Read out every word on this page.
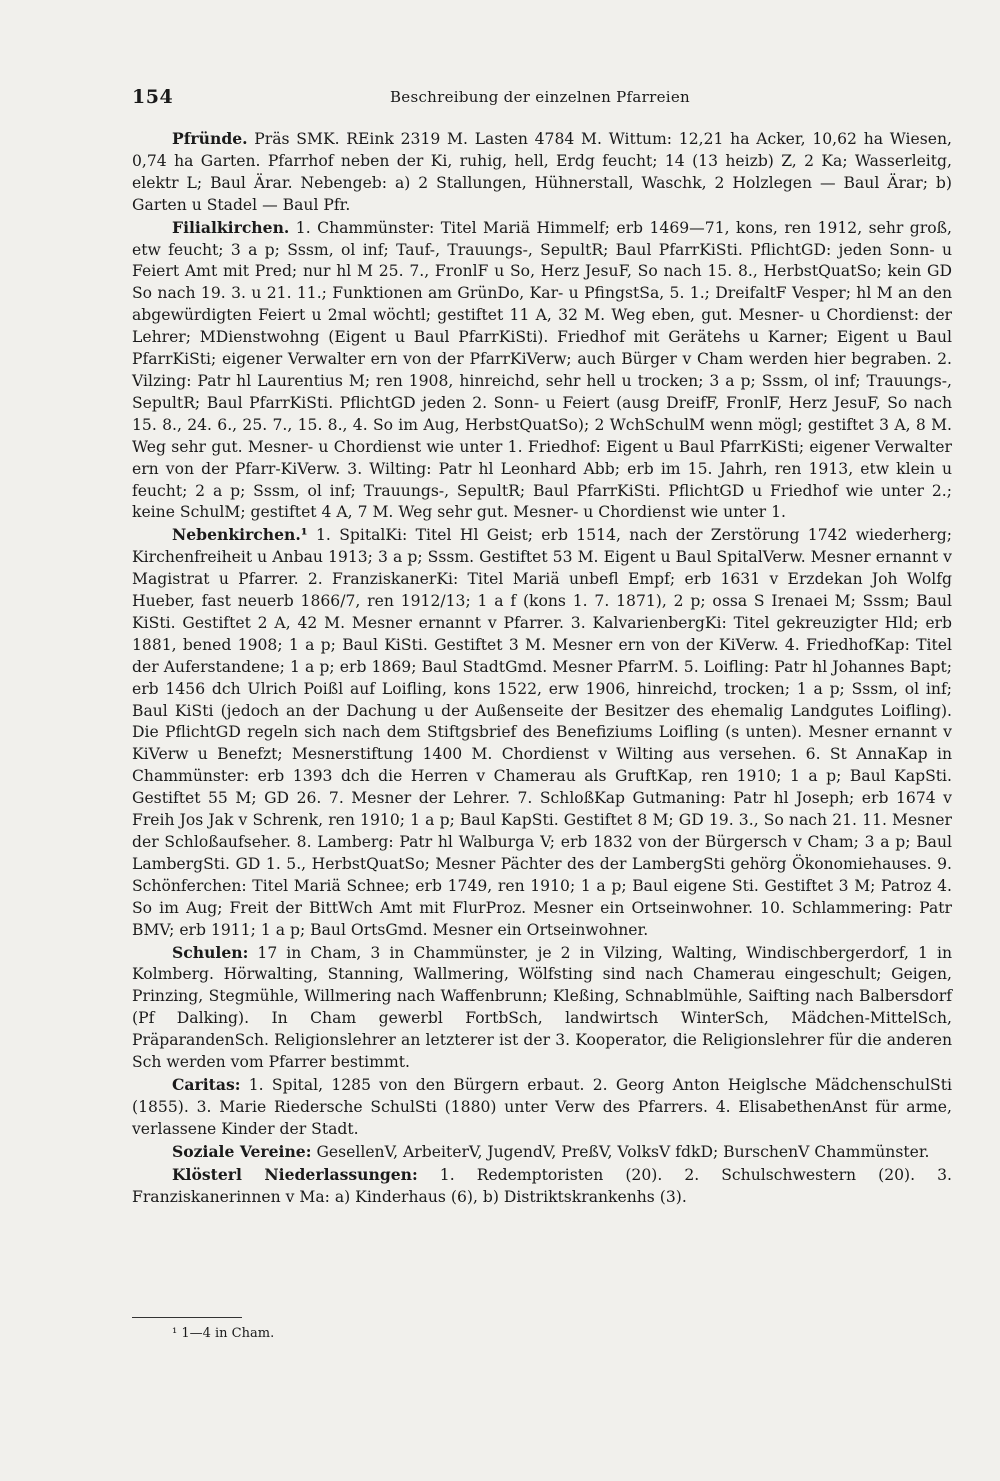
154	Beschreibung der einzelnen Pfarreien

Pfründe. Präs SMK. REink 2319 M. Lasten 4784 M. Wittum: 12,21 ha Acker, 10,62 ha Wiesen, 0,74 ha Garten. Pfarrhof neben der Ki, ruhig, hell, Erdg feucht; 14 (13 heizb) Z, 2 Ka; Wasserleitg, elektr L; Baul Ärar. Nebengeb: a) 2 Stallungen, Hühnerstall, Waschk, 2 Holzlegen — Baul Ärar; b) Garten u Stadel — Baul Pfr.

Filialkirchen. 1. Chammünster: Titel Mariä Himmelf; erb 1469—71, kons, ren 1912, sehr groß, etw feucht; 3 a p; Sssm, ol inf; Tauf-, Trauungs-, SepultR; Baul PfarrKiSti. PflichtGD: jeden Sonn- u Feiert Amt mit Pred; nur hl M 25. 7., FronlF u So, Herz JesuF, So nach 15. 8., HerbstQuatSo; kein GD So nach 19. 3. u 21. 11.; Funktionen am GrünDo, Kar- u PfingstSa, 5. 1.; DreifaltF Vesper; hl M an den abgewürdigten Feiert u 2mal wöchtl; gestiftet 11 A, 32 M. Weg eben, gut. Mesner- u Chordienst: der Lehrer; MDienstwohng (Eigent u Baul PfarrKiSti). Friedhof mit Gerätehs u Karner; Eigent u Baul PfarrKiSti; eigener Verwalter ern von der PfarrKiVerw; auch Bürger v Cham werden hier begraben. 2. Vilzing: Patr hl Laurentius M; ren 1908, hinreichd, sehr hell u trocken; 3 a p; Sssm, ol inf; Trauungs-, SepultR; Baul PfarrKiSti. PflichtGD jeden 2. Sonn- u Feiert (ausg DreifF, FronlF, Herz JesuF, So nach 15. 8., 24. 6., 25. 7., 15. 8., 4. So im Aug, HerbstQuatSo); 2 WchSchulM wenn mögl; gestiftet 3 A, 8 M. Weg sehr gut. Mesner- u Chordienst wie unter 1. Friedhof: Eigent u Baul PfarrKiSti; eigener Verwalter ern von der Pfarr-KiVerw. 3. Wilting: Patr hl Leonhard Abb; erb im 15. Jahrh, ren 1913, etw klein u feucht; 2 a p; Sssm, ol inf; Trauungs-, SepultR; Baul PfarrKiSti. PflichtGD u Friedhof wie unter 2.; keine SchulM; gestiftet 4 A, 7 M. Weg sehr gut. Mesner- u Chordienst wie unter 1.

Nebenkirchen.¹ 1. SpitalKi: Titel Hl Geist; erb 1514, nach der Zerstörung 1742 wiederherg; Kirchenfreiheit u Anbau 1913; 3 a p; Sssm. Gestiftet 53 M. Eigent u Baul SpitalVerw. Mesner ernannt v Magistrat u Pfarrer. 2. FranziskanerKi: Titel Mariä unbefl Empf; erb 1631 v Erzdekan Joh Wolfg Hueber, fast neuerb 1866/7, ren 1912/13; 1 a f (kons 1. 7. 1871), 2 p; ossa S Irenaei M; Sssm; Baul KiSti. Gestiftet 2 A, 42 M. Mesner ernannt v Pfarrer. 3. KalvarienbergKi: Titel gekreuzigter Hld; erb 1881, bened 1908; 1 a p; Baul KiSti. Gestiftet 3 M. Mesner ern von der KiVerw. 4. FriedhofKap: Titel der Auferstandene; 1 a p; erb 1869; Baul StadtGmd. Mesner PfarrM. 5. Loifling: Patr hl Johannes Bapt; erb 1456 dch Ulrich Poißl auf Loifling, kons 1522, erw 1906, hinreichd, trocken; 1 a p; Sssm, ol inf; Baul KiSti (jedoch an der Dachung u der Außenseite der Besitzer des ehemalig Landgutes Loifling). Die PflichtGD regeln sich nach dem Stiftgsbrief des Benefiziums Loifling (s unten). Mesner ernannt v KiVerw u Benefzt; Mesnerstiftung 1400 M. Chordienst v Wilting aus versehen. 6. St AnnaKap in Chammünster: erb 1393 dch die Herren v Chamerau als GruftKap, ren 1910; 1 a p; Baul KapSti. Gestiftet 55 M; GD 26. 7. Mesner der Lehrer. 7. SchloßKap Gutmaning: Patr hl Joseph; erb 1674 v Freih Jos Jak v Schrenk, ren 1910; 1 a p; Baul KapSti. Gestiftet 8 M; GD 19. 3., So nach 21. 11. Mesner der Schloßaufseher. 8. Lamberg: Patr hl Walburga V; erb 1832 von der Bürgersch v Cham; 3 a p; Baul LambergSti. GD 1. 5., HerbstQuatSo; Mesner Pächter des der LambergSti gehörg Ökonomiehauses. 9. Schönferchen: Titel Mariä Schnee; erb 1749, ren 1910; 1 a p; Baul eigene Sti. Gestiftet 3 M; Patroz 4. So im Aug; Freit der BittWch Amt mit FlurProz. Mesner ein Ortseinwohner. 10. Schlammering: Patr BMV; erb 1911; 1 a p; Baul OrtsGmd. Mesner ein Ortseinwohner.

Schulen: 17 in Cham, 3 in Chammünster, je 2 in Vilzing, Walting, Windischbergerdorf, 1 in Kolmberg. Hörwalting, Stanning, Wallmering, Wölfsting sind nach Chamerau eingeschult; Geigen, Prinzing, Stegmühle, Willmering nach Waffenbrunn; Kleßing, Schnablmühle, Saifting nach Balbersdorf (Pf Dalking). In Cham gewerbl FortbSch, landwirtsch WinterSch, Mädchen-MittelSch, PräparandenSch. Religionslehrer an letzterer ist der 3. Kooperator, die Religionslehrer für die anderen Sch werden vom Pfarrer bestimmt.

Caritas: 1. Spital, 1285 von den Bürgern erbaut. 2. Georg Anton Heiglsche MädchenschulSti (1855). 3. Marie Riedersche SchulSti (1880) unter Verw des Pfarrers. 4. ElisabethenAnst für arme, verlassene Kinder der Stadt.

Soziale Vereine: GesellenV, ArbeiterV, JugendV, PreßV, VolksV fdkD; BurschenV Chammünster.

Klösterl Niederlassungen: 1. Redemptoristen (20). 2. Schulschwestern (20). 3. Franziskanerinnen v Ma: a) Kinderhaus (6), b) Distriktskrankenhs (3).

¹ 1—4 in Cham.
